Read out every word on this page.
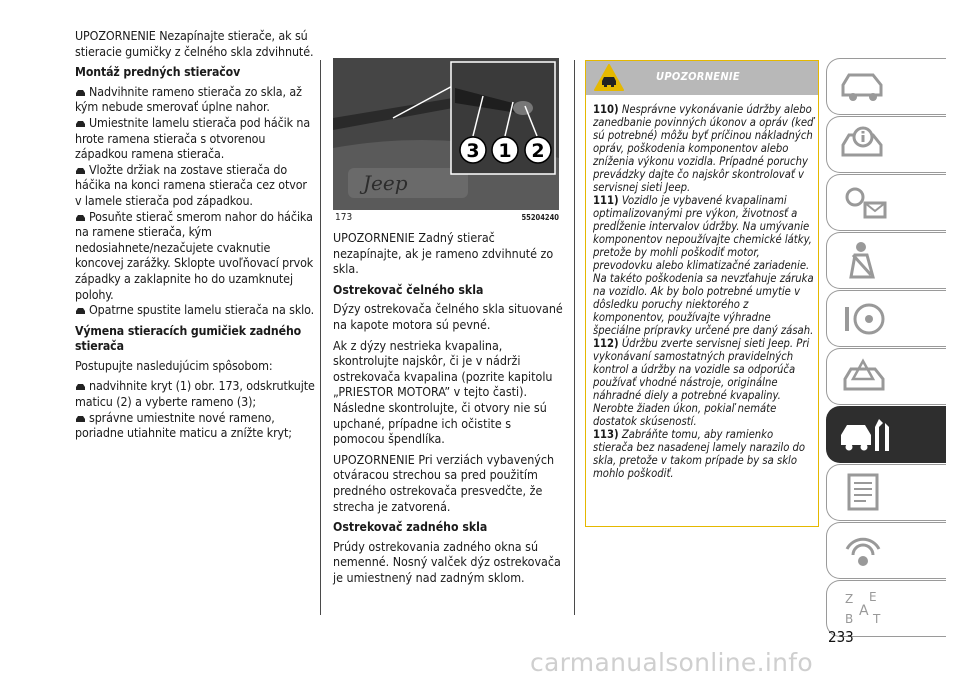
UPOZORNENIE Nezapínajte stierače, ak sú stieracie gumičky z čelného skla zdvihnuté.

Montáž predných stieračov

Nadvihnite rameno stierača zo skla, až kým nebude smerovať úplne nahor.

Umiestnite lamelu stierača pod háčik na hrote ramena stierača s otvorenou západkou ramena stierača.

Vložte držiak na zostave stierača do háčika na konci ramena stierača cez otvor v lamele stierača pod západkou.

Posuňte stierač smerom nahor do háčika na ramene stierača, kým nedosiahnete/nezačujete cvaknutie koncovej zarážky. Sklopte uvoľňovací prvok západky a zaklapnite ho do uzamknutej polohy.

Opatrne spustite lamelu stierača na sklo.

Výmena stieracích gumičiek zadného stierača

Postupujte nasledujúcim spôsobom:

nadvihnite kryt (1) obr. 173, odskrutkujte maticu (2) a vyberte rameno (3);

správne umiestnite nové rameno, poriadne utiahnite maticu a znížte kryt;

Jeep
3 1 2
173	55204240

UPOZORNENIE Zadný stierač nezapínajte, ak je rameno zdvihnuté zo skla.

Ostrekovač čelného skla

Dýzy ostrekovača čelného skla situované na kapote motora sú pevné.

Ak z dýzy nestrieka kvapalina, skontrolujte najskôr, či je v nádrži ostrekovača kvapalina (pozrite kapitolu „PRIESTOR MOTORA” v tejto časti). Následne skontrolujte, či otvory nie sú upchané, prípadne ich očistite s pomocou špendlíka.

UPOZORNENIE Pri verziách vybavených otváracou strechou sa pred použitím predného ostrekovača presvedčte, že strecha je zatvorená.

Ostrekovač zadného skla

Prúdy ostrekovania zadného okna sú nemenné. Nosný valček dýz ostrekovača je umiestnený nad zadným sklom.

UPOZORNENIE

110) Nesprávne vykonávanie údržby alebo zanedbanie povinných úkonov a opráv (keď sú potrebné) môžu byť príčinou nákladných opráv, poškodenia komponentov alebo zníženia výkonu vozidla. Prípadné poruchy prevádzky dajte čo najskôr skontrolovať v servisnej sieti Jeep.

111) Vozidlo je vybavené kvapalinami optimalizovanými pre výkon, životnosť a predĺženie intervalov údržby. Na umývanie komponentov nepoužívajte chemické látky, pretože by mohli poškodiť motor, prevodovku alebo klimatizačné zariadenie. Na takéto poškodenia sa nevzťahuje záruka na vozidlo. Ak by bolo potrebné umytie v dôsledku poruchy niektorého z komponentov, používajte výhradne špeciálne prípravky určené pre daný zásah.

112) Údržbu zverte servisnej sieti Jeep. Pri vykonávaní samostatných pravidelných kontrol a údržby na vozidle sa odporúča používať vhodné nástroje, originálne náhradné diely a potrebné kvapaliny. Nerobte žiaden úkon, pokiaľ nemáte dostatok skúseností.

113) Zabráňte tomu, aby ramienko stierača bez nasadenej lamely narazilo do skla, pretože v takom prípade by sa sklo mohlo poškodiť.

Z E
B A T
233
carmanualsonline.info
